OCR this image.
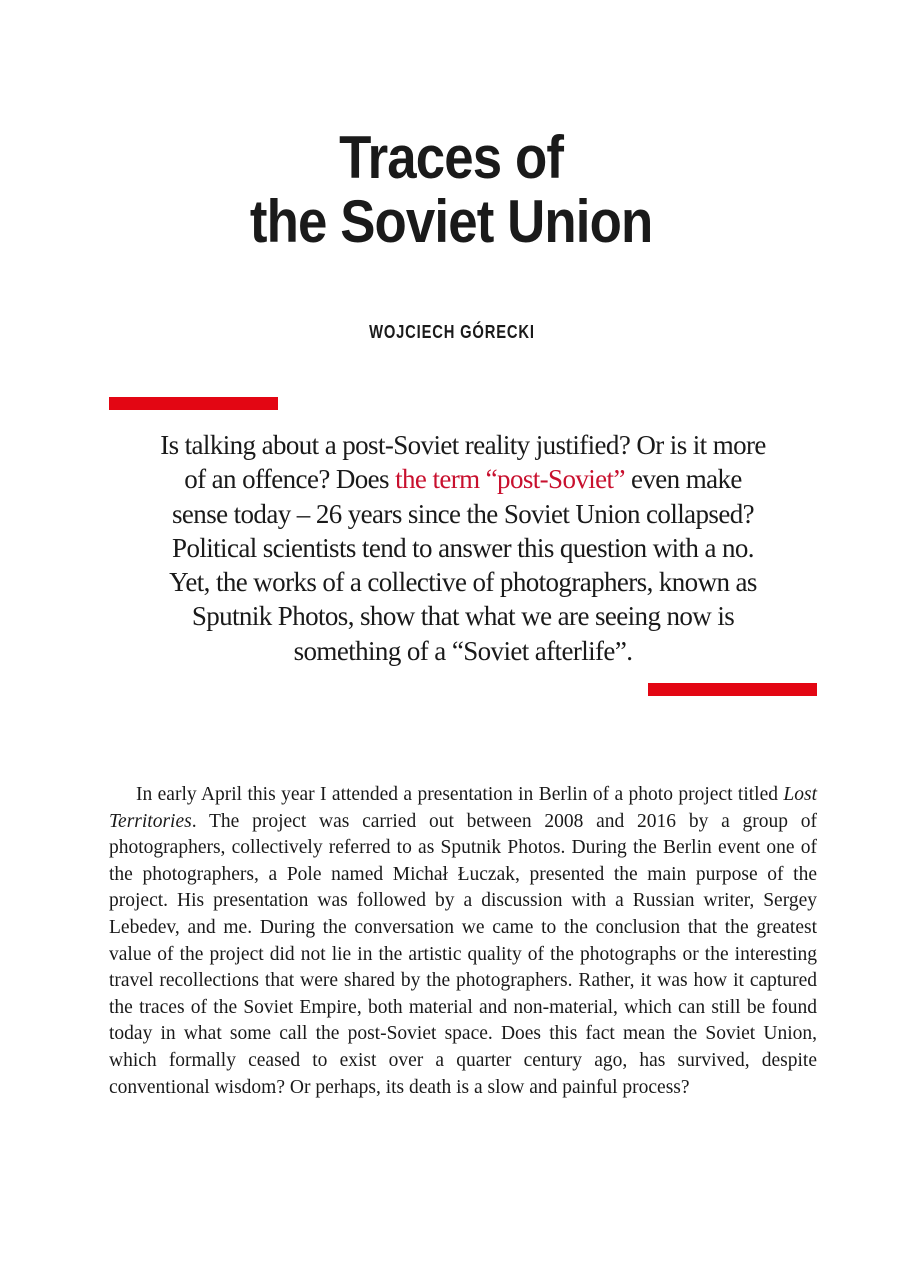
Traces of
the Soviet Union

WOJCIECH GÓRECKI

Is talking about a post-Soviet reality justified? Or is it more of an offence? Does the term “post-Soviet” even make sense today – 26 years since the Soviet Union collapsed? Political scientists tend to answer this question with a no. Yet, the works of a collective of photographers, known as Sputnik Photos, show that what we are seeing now is something of a “Soviet afterlife”.

In early April this year I attended a presentation in Berlin of a photo project titled Lost Territories. The project was carried out between 2008 and 2016 by a group of photographers, collectively referred to as Sputnik Photos. During the Berlin event one of the photographers, a Pole named Michał Łuczak, presented the main purpose of the project. His presentation was followed by a discussion with a Russian writer, Sergey Lebedev, and me. During the conversation we came to the conclusion that the greatest value of the project did not lie in the artistic quality of the photographs or the interesting travel recollections that were shared by the photographers. Rather, it was how it captured the traces of the Soviet Empire, both material and non-material, which can still be found today in what some call the post-Soviet space. Does this fact mean the Soviet Union, which formally ceased to exist over a quarter century ago, has survived, despite conventional wisdom? Or perhaps, its death is a slow and painful process?
